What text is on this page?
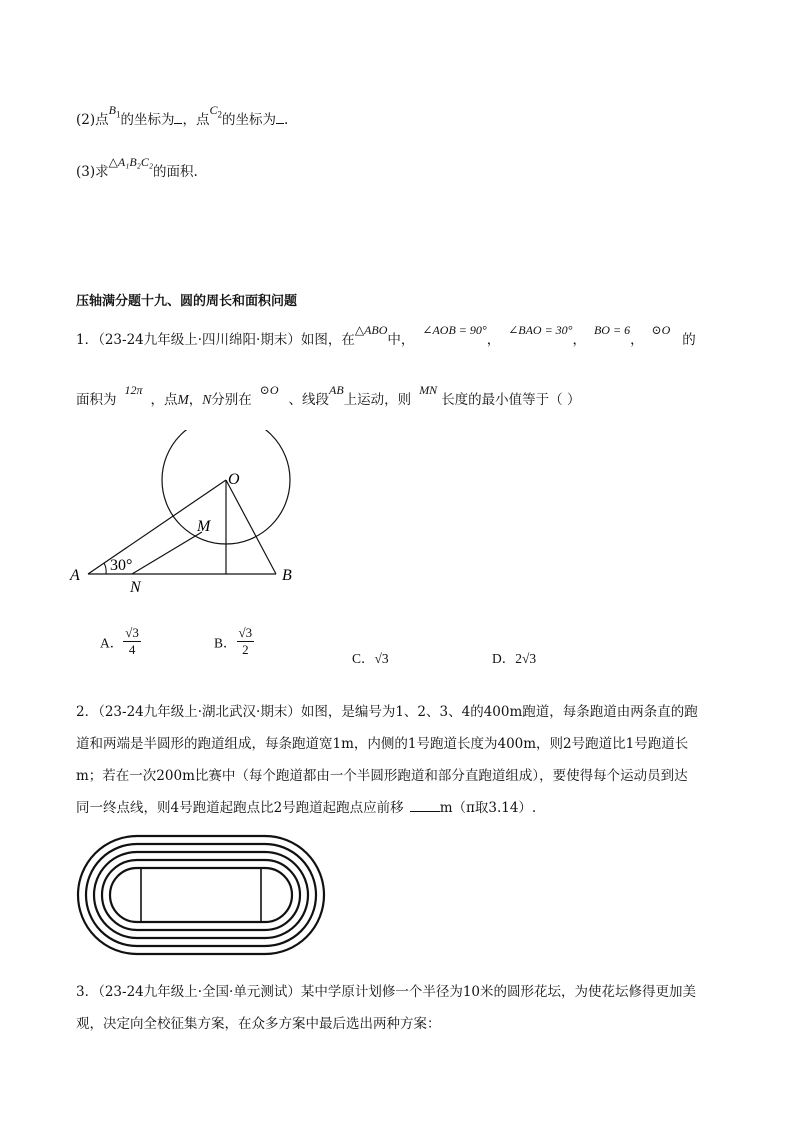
(2)点$B_1$的坐标为 ，点$C_2$的坐标为 .
(3)求△A₁B₂C₂的面积.
压轴满分题十九、圆的周长和面积问题
1．（23-24九年级上·四川绵阳·期末）如图，在△ABO中，∠AOB = 90°，∠BAO = 30°，BO = 6，⊙O的
面积为12π，点M，N分别在⊙O、线段AB上运动，则MN长度的最小值等于（ ）
O
M
A
N
B
30°
A． $\frac{√3}{4}$	B． $\frac{√3}{2}$
C．√3	D．2√3
2．（23-24九年级上·湖北武汉·期末）如图，是编号为1、2、3、4的400m跑道，每条跑道由两条直的跑
道和两端是半圆形的跑道组成，每条跑道宽1m，内侧的1号跑道长度为400m，则2号跑道比1号跑道长
m；若在一次200m比赛中（每个跑道都由一个半圆形跑道和部分直跑道组成），要使得每个运动员到达
同一终点线，则4号跑道起跑点比2号跑道起跑点应前移	m（π取3.14）.
3．（23-24九年级上·全国·单元测试）某中学原计划修一个半径为10米的圆形花坛，为使花坛修得更加美
观，决定向全校征集方案，在众多方案中最后选出两种方案：
